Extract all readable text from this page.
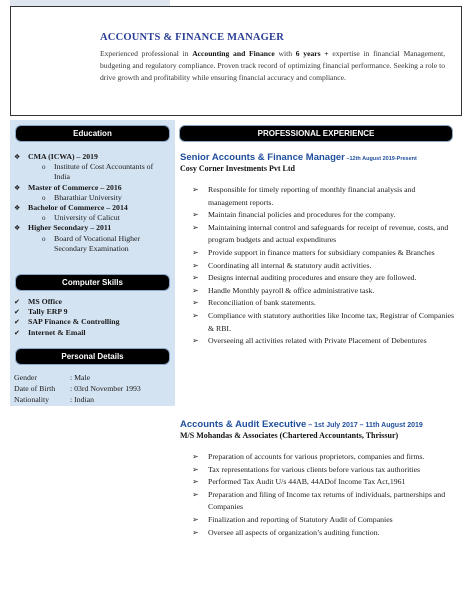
ACCOUNTS & FINANCE MANAGER
Experienced professional in Accounting and Finance with 6 years + expertise in financial Management, budgeting and regulatory compliance. Proven track record of optimizing financial performance. Seeking a role to drive growth and profitability while ensuring financial accuracy and compliance.
Education
❖ CMA (ICWA) – 2019
o Institute of Cost Accountants of India
❖ Master of Commerce – 2016
o Bharathiar University
❖ Bachelor of Commerce – 2014
o University of Calicut
❖ Higher Secondary – 2011
o Board of Vocational Higher Secondary Examination
Computer Skills
✔ MS Office
✔ Tally ERP 9
✔ SAP Finance & Controlling
✔ Internet & Email
Personal Details
Gender	: Male
Date of Birth	: 03rd November 1993
Nationality	: Indian
PROFESSIONAL EXPERIENCE
Senior Accounts & Finance Manager –12th August 2019-Present
Cosy Corner Investments Pvt Ltd
➢ Responsible for timely reporting of monthly financial analysis and management reports.
➢ Maintain financial policies and procedures for the company.
➢ Maintaining internal control and safeguards for receipt of revenue, costs, and program budgets and actual expenditures
➢ Provide support in finance matters for subsidiary companies & Branches
➢ Coordinating all internal & statutory audit activities.
➢ Designs internal auditing procedures and ensure they are followed.
➢ Handle Monthly payroll & office administrative task.
➢ Reconciliation of bank statements.
➢ Compliance with statutory authorities like Income tax, Registrar of Companies & RBI.
➢ Overseeing all activities related with Private Placement of Debentures
Accounts & Audit Executive – 1st July 2017 – 11th August 2019
M/S Mohandas & Associates (Chartered Accountants, Thrissur)
➢ Preparation of accounts for various proprietors, companies and firms.
➢ Tax representations for various clients before various tax authorities
➢ Performed Tax Audit U/s 44AB, 44ADof Income Tax Act,1961
➢ Preparation and filing of Income tax returns of individuals, partnerships and Companies
➢ Finalization and reporting of Statutory Audit of Companies
➢ Oversee all aspects of organization’s auditing function.
